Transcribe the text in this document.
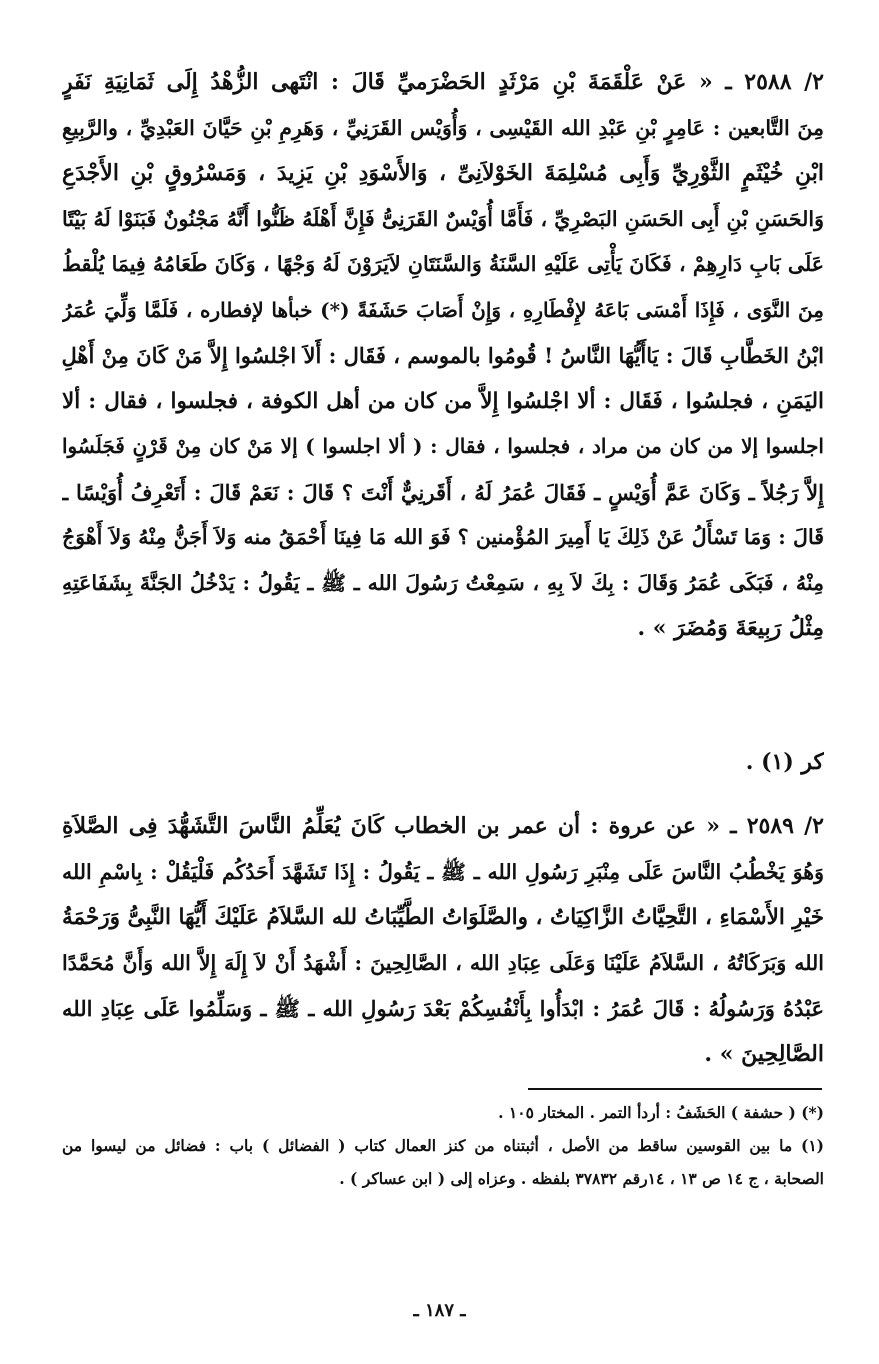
٢/ ٢٥٨٨ ـ « عَنْ عَلْقَمَةَ بْنِ مَرْثَدٍ الحَضْرَميِّ قَالَ : انْتَهى الزُّهْدُ إِلَى ثَمَانِيَةِ نَفَرٍ
مِنَ التَّابعين : عَامِرٍ بْنِ عَبْدِ الله القَيْسِى ، وَأُوَيْس القَرَنِيِّ ، وَهَرِمِ بْنِ حَيَّانَ العَبْدِيِّ ، والرَّبِيعِ
ابْنِ خُيْثَمٍ الثَّوْرِيِّ وَأَبِى مُسْلِمَةَ الخَوْلاَنِىِّ ، وَالأَسْوَدِ بْنِ يَزِيدَ ، وَمَسْرُوقٍ بْنِ الأَجْدَعِ
وَالحَسَنِ بْنِ أَبِى الحَسَنِ البَصْرِيِّ ، فَأَمَّا أُوَيْسٌ القَرَنِىُّ فَإِنَّ أَهْلَهُ ظَنُّوا أَنَّهُ مَجْنُونٌ فَبَنَوْا لَهُ بَيْتًا
عَلَى بَابِ دَارِهِمْ ، فَكَانَ يَأْتِى عَلَيْهِ السَّنَةُ وَالسَّنَتَانِ لاَيَرَوْنَ لَهُ وَجْهًا ، وَكَانَ طَعَامُهُ فِيمَا يُلْقطُ
مِنَ النَّوَى ، فَإِذَا أَمْسَى بَاعَهُ لإِفْطَارِهِ ، وَإِنْ أَصَابَ حَشَفَةً (*) خبأها لإفطاره ، فَلَمَّا وَلِّيَ عُمَرُ
ابْنُ الخَطَّابِ قَالَ : يَاأَيُّهَا النَّاسُ ! قُومُوا بالموسم ، فَقَال : أَلاَ اجْلسُوا إِلاَّ مَنْ كَانَ مِنْ أَهْلِ
اليَمَنِ ، فجلسُوا ، فَقَال : ألا اجْلسُوا إِلاَّ من كان من أهل الكوفة ، فجلسوا ، فقال : ألا
اجلسوا إلا من كان من مراد ، فجلسوا ، فقال : ( ألا اجلسوا ) إلا مَنْ كان مِنْ قَرْنٍ فَجَلَسُوا
إِلاَّ رَجُلاً ـ وَكَانَ عَمَّ أُوَيْسٍ ـ فَقَالَ عُمَرُ لَهُ ، أَقَرنِيٌّ أَنْتَ ؟ قَالَ : نَعَمْ قَالَ : أَتَعْرِفُ أُوَيْسًا ـ
قَالَ : وَمَا تَسْأَلُ عَنْ ذَلِكَ يَا أَمِيرَ المُؤْمنين ؟ فَوَ الله مَا فِينَا أَحْمَقُ منه وَلاَ أَجَنُّ مِنْهُ وَلاَ أَهْوَجُ
مِنْهُ ، فَبَكَى عُمَرُ وَقَالَ : بِكَ لاَ بِهِ ، سَمِعْتُ رَسُولَ الله ـ ﷺ ـ يَقُولُ : يَدْخُلُ الجَنَّةَ بِشَفَاعَتِهِ
مِثْلُ رَبِيعَةَ وَمُضَرَ » .

كر (١) .

٢/ ٢٥٨٩ ـ « عن عروة : أن عمر بن الخطاب كَانَ يُعَلِّمُ النَّاسَ التَّشَهُّدَ فِى الصَّلاَةِ
وَهُوَ يَخْطُبُ النَّاسَ عَلَى مِنْبَرِ رَسُولِ الله ـ ﷺ ـ يَقُولُ : إِذَا تَشَهَّدَ أَحَدُكُم فَلْيَقُلْ : بِاسْمِ الله
خَيْرِ الأَسْمَاءِ ، التَّحِيَّاتُ الزَّاكِيَاتُ ، والصَّلَوَاتُ الطَّيِّبَاتُ لله السَّلاَمُ عَلَيْكَ أَيُّهَا النَّبِىُّ وَرَحْمَةُ
الله وَبَرَكَاتُهُ ، السَّلاَمُ عَلَيْنَا وَعَلَى عِبَادِ الله ، الصَّالِحِينَ : أَشْهَدُ أَنْ لاَ إِلَهَ إِلاَّ الله وَأَنَّ مُحَمَّدًا
عَبْدُهُ وَرَسُولُهُ : قَالَ عُمَرُ : ابْدَأُوا بِأَنْفُسِكُمْ بَعْدَ رَسُولِ الله ـ ﷺ ـ وَسَلِّمُوا عَلَى عِبَادِ الله
الصَّالِحِينَ » .

(*) ( حشفة ) الحَشَفُ : أردأ التمر . المختار ١٠٥ .
(١) ما بين القوسين ساقط من الأصل ، أثبتناه من كنز العمال كتاب ( الفضائل ) باب : فضائل من ليسوا من
الصحابة ، ج ١٤ ص ١٣ ، ١٤رقم ٣٧٨٣٢ بلفظه . وعزاه إلى ( ابن عساكر ) .
ـ ١٨٧ ـ
